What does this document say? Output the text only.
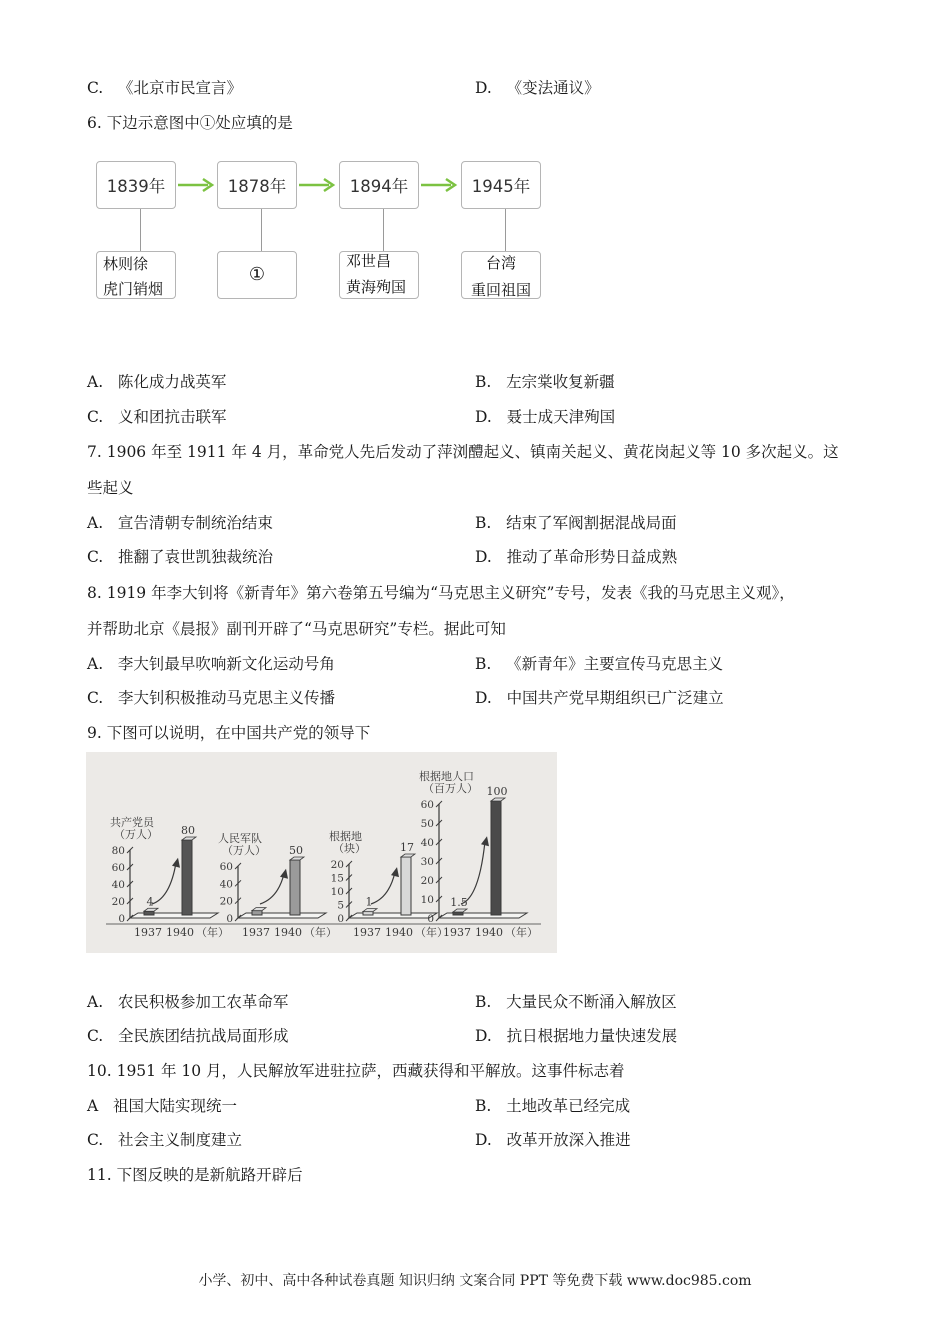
C. 《北京市民宣言》	D. 《变法通议》
6. 下边示意图中①处应填的是
1839年	1878年	1894年	1945年
林则徐
虎门销烟
①
邓世昌
黄海殉国
台湾
重回祖国
A. 陈化成力战英军	B. 左宗棠收复新疆
C. 义和团抗击联军	D. 聂士成天津殉国
7. 1906 年至 1911 年 4 月，革命党人先后发动了萍浏醴起义、镇南关起义、黄花岗起义等 10 多次起义。这
些起义
A. 宣告清朝专制统治结束	B. 结束了军阀割据混战局面
C. 推翻了袁世凯独裁统治	D. 推动了革命形势日益成熟
8. 1919 年李大钊将《新青年》第六卷第五号编为“马克思主义研究”专号，发表《我的马克思主义观》，
并帮助北京《晨报》副刊开辟了“马克思研究”专栏。据此可知
A. 李大钊最早吹响新文化运动号角	B. 《新青年》主要宣传马克思主义
C. 李大钊积极推动马克思主义传播	D. 中国共产党早期组织已广泛建立
9. 下图可以说明，在中国共产党的领导下
共产党员
（万人）
0
20
40
60
80
4
80
1937 1940 （年）
人民军队
（万人）
0
20
40
60
50
1937 1940 （年）
根据地
（块）
0
5
10
15
20
1
17
1937 1940 （年）
根据地人口
（百万人）
0
10
20
30
40
50
60
1.5
100
1937 1940 （年）
A. 农民积极参加工农革命军	B. 大量民众不断涌入解放区
C. 全民族团结抗战局面形成	D. 抗日根据地力量快速发展
10. 1951 年 10 月，人民解放军进驻拉萨，西藏获得和平解放。这事件标志着
A 祖国大陆实现统一	B. 土地改革已经完成
C. 社会主义制度建立	D. 改革开放深入推进
11. 下图反映的是新航路开辟后
小学、初中、高中各种试卷真题 知识归纳 文案合同 PPT 等免费下载 www.doc985.com
